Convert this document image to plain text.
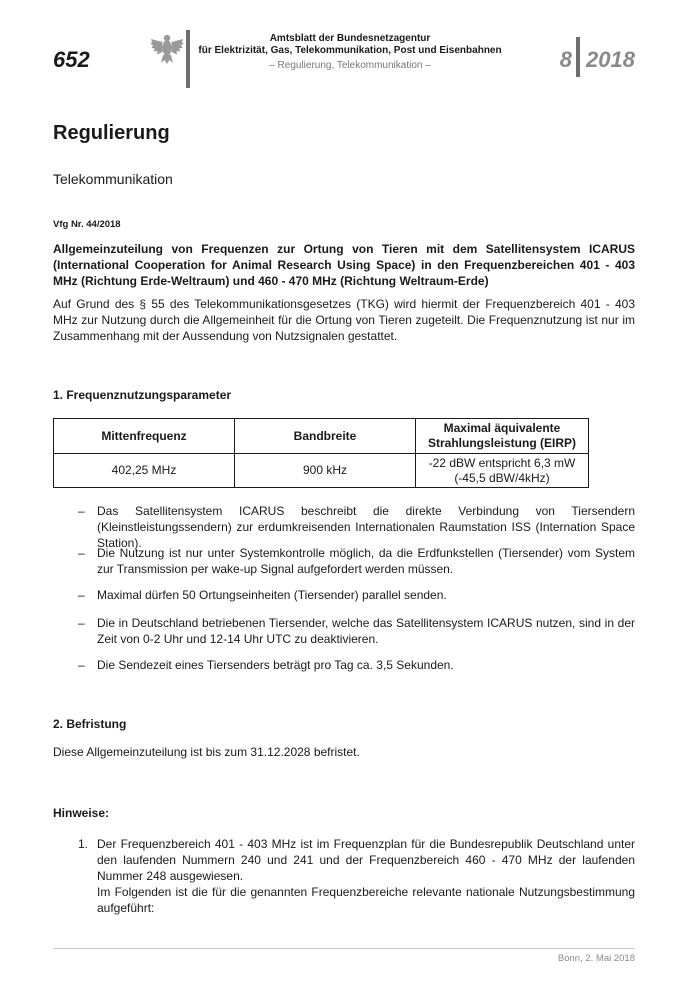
652
Amtsblatt der Bundesnetzagentur
für Elektrizität, Gas, Telekommunikation, Post und Eisenbahnen
– Regulierung, Telekommunikation –	8 2018
Regulierung
Telekommunikation
Vfg Nr. 44/2018
Allgemeinzuteilung von Frequenzen zur Ortung von Tieren mit dem Satellitensystem ICARUS (International Cooperation for Animal Research Using Space) in den Frequenzbereichen 401 - 403 MHz (Richtung Erde-Weltraum) und 460 - 470 MHz (Richtung Weltraum-Erde)
Auf Grund des § 55 des Telekommunikationsgesetzes (TKG) wird hiermit der Frequenzbereich 401 - 403 MHz zur Nutzung durch die Allgemeinheit für die Ortung von Tieren zugeteilt. Die Frequenznutzung ist nur im Zusammenhang mit der Aussendung von Nutzsignalen gestattet.
1. Frequenznutzungsparameter
Mittenfrequenz	Bandbreite	Maximal äquivalente
Strahlungsleistung (EIRP)
402,25 MHz	900 kHz	-22 dBW entspricht 6,3 mW
(-45,5 dBW/4kHz)
– Das Satellitensystem ICARUS beschreibt die direkte Verbindung von Tiersendern (Kleinstleistungssendern) zur erdumkreisenden Internationalen Raumstation ISS (Internation Space Station).
– Die Nutzung ist nur unter Systemkontrolle möglich, da die Erdfunkstellen (Tiersender) vom System zur Transmission per wake-up Signal aufgefordert werden müssen.
– Maximal dürfen 50 Ortungseinheiten (Tiersender) parallel senden.
– Die in Deutschland betriebenen Tiersender, welche das Satellitensystem ICARUS nutzen, sind in der Zeit von 0-2 Uhr und 12-14 Uhr UTC zu deaktivieren.
– Die Sendezeit eines Tiersenders beträgt pro Tag ca. 3,5 Sekunden.
2. Befristung
Diese Allgemeinzuteilung ist bis zum 31.12.2028 befristet.
Hinweise:
1. Der Frequenzbereich 401 - 403 MHz ist im Frequenzplan für die Bundesrepublik Deutschland unter den laufenden Nummern 240 und 241 und der Frequenzbereich 460 - 470 MHz der laufenden Nummer 248 ausgewiesen.
Im Folgenden ist die für die genannten Frequenzbereiche relevante nationale Nutzungsbestimmung aufgeführt:
Bonn, 2. Mai 2018
